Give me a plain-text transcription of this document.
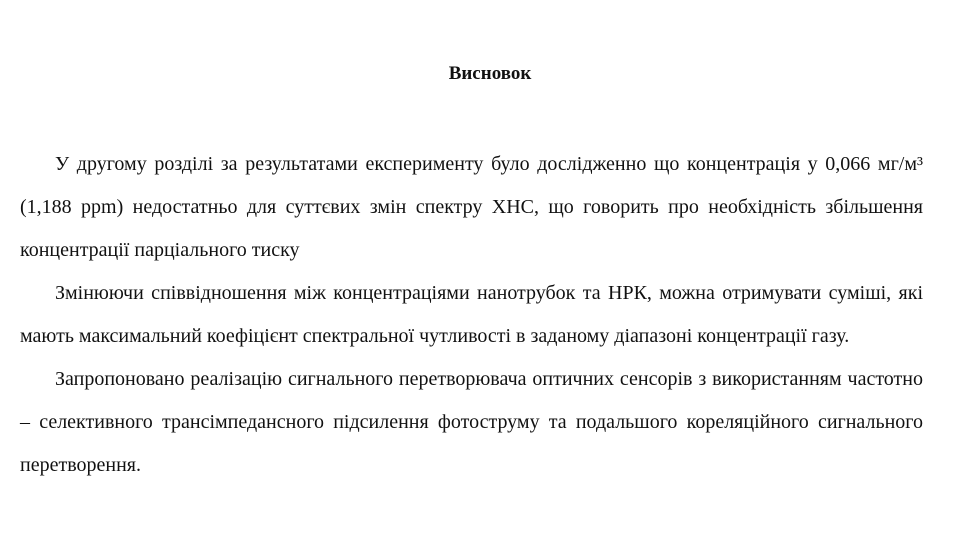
Висновок

У другому розділі за результатами експерименту було дослідженно що концентрація у 0,066 мг/м³ (1,188 ppm) недостатньо для суттєвих змін спектру ХНС, що говорить про необхідність збільшення концентрації парціального тиску

Змінюючи співвідношення між концентраціями нанотрубок та НРК, можна отримувати суміші, які мають максимальний коефіцієнт спектральної чутливості в заданому діапазоні концентрації газу.

Запропоновано реалізацію сигнального перетворювача оптичних сенсорів з використанням частотно – селективного трансімпедансного підсилення фотоструму та подальшого кореляційного сигнального перетворення.
